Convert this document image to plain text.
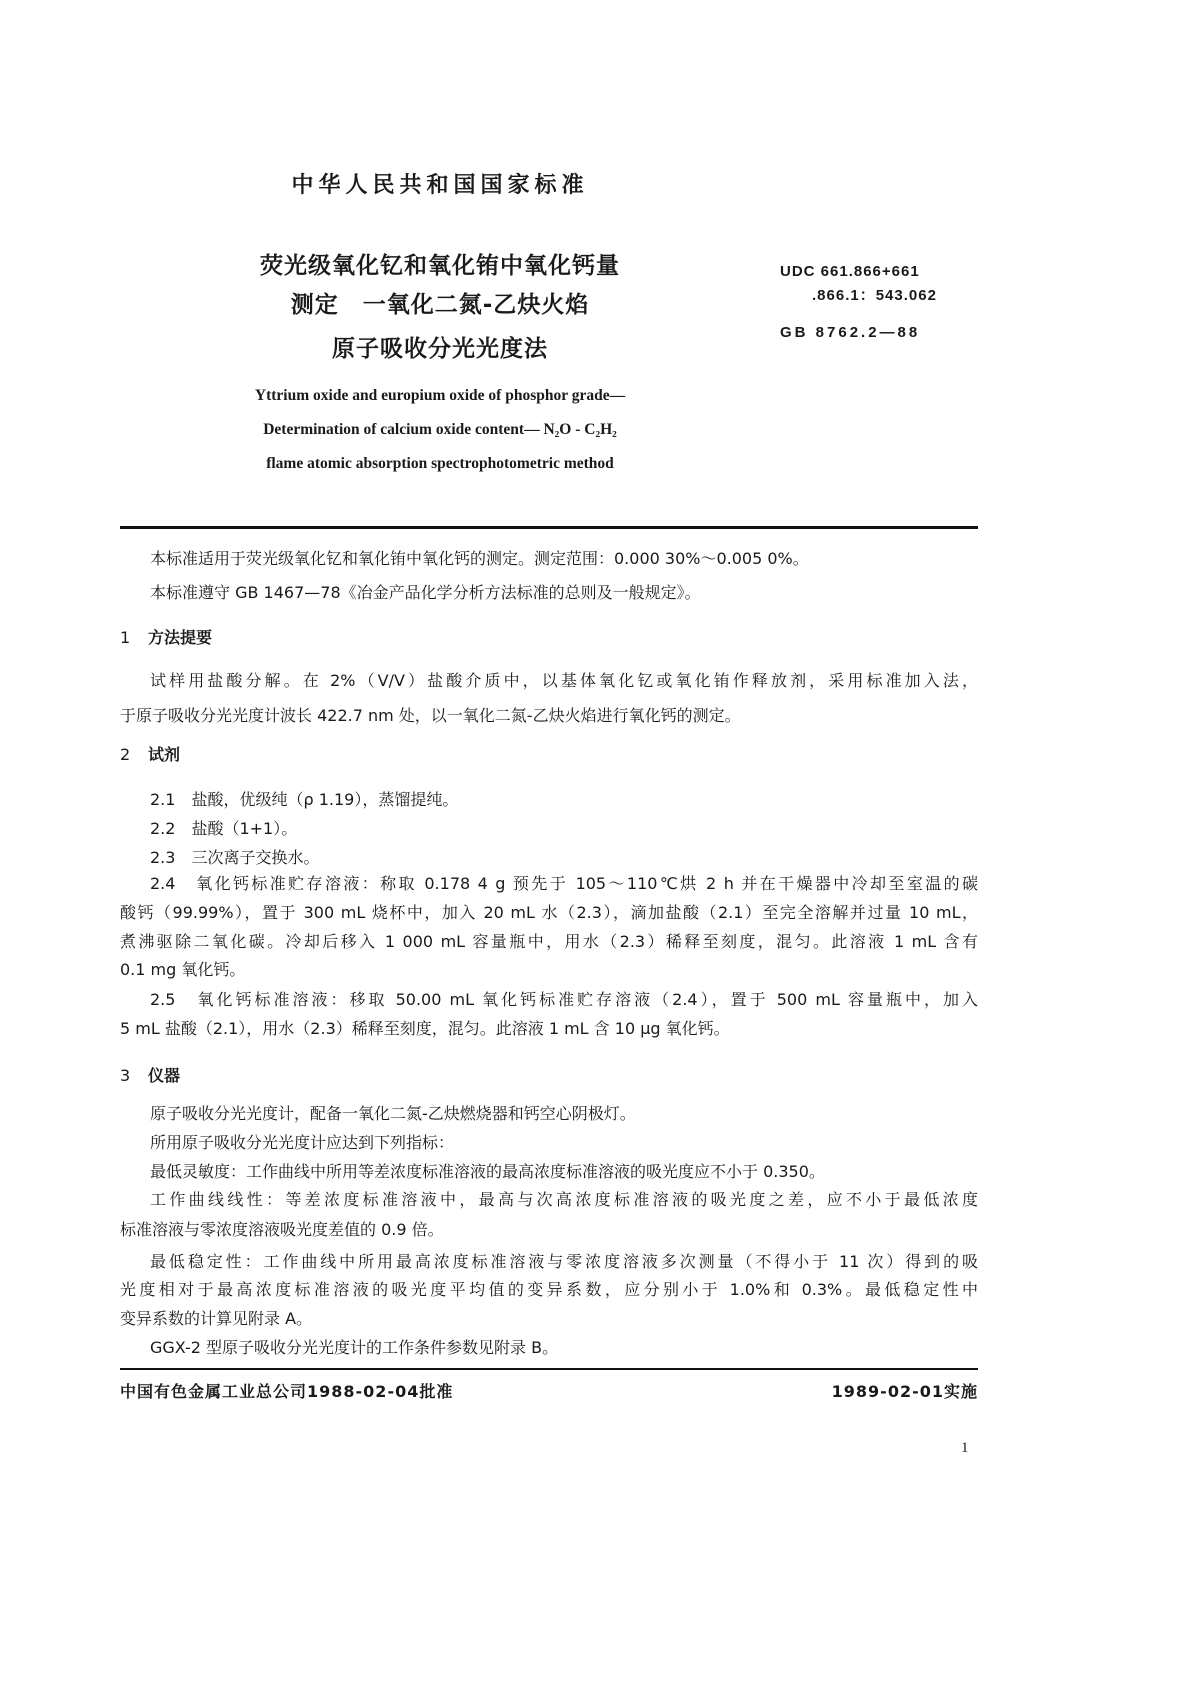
中华人民共和国国家标准
荧光级氧化钇和氧化铕中氧化钙量
测定　一氧化二氮-乙炔火焰
原子吸收分光光度法
UDC 661.866+661
.866.1：543.062
GB 8762.2—88
Yttrium oxide and europium oxide of phosphor grade—
Determination of calcium oxide content— N₂O - C₂H₂
flame atomic absorption spectrophotometric method
本标准适用于荧光级氧化钇和氧化铕中氧化钙的测定。测定范围：0.000 30%～0.005 0%。
本标准遵守 GB 1467—78《冶金产品化学分析方法标准的总则及一般规定》。
1 方法提要
试样用盐酸分解。在 2%（V/V）盐酸介质中，以基体氧化钇或氧化铕作释放剂，采用标准加入法，
于原子吸收分光光度计波长 422.7 nm 处，以一氧化二氮-乙炔火焰进行氧化钙的测定。
2 试剂
2.1　盐酸，优级纯（ρ 1.19），蒸馏提纯。
2.2　盐酸（1+1）。
2.3　三次离子交换水。
2.4　氧化钙标准贮存溶液：称取 0.178 4 g 预先于 105～110℃烘 2 h 并在干燥器中冷却至室温的碳
酸钙（99.99%），置于 300 mL 烧杯中，加入 20 mL 水（2.3），滴加盐酸（2.1）至完全溶解并过量 10 mL，
煮沸驱除二氧化碳。冷却后移入 1 000 mL 容量瓶中，用水（2.3）稀释至刻度，混匀。此溶液 1 mL 含有
0.1 mg 氧化钙。
2.5　氧化钙标准溶液：移取 50.00 mL 氧化钙标准贮存溶液（2.4），置于 500 mL 容量瓶中，加入
5 mL 盐酸（2.1），用水（2.3）稀释至刻度，混匀。此溶液 1 mL 含 10 μg 氧化钙。
3 仪器
原子吸收分光光度计，配备一氧化二氮-乙炔燃烧器和钙空心阴极灯。
所用原子吸收分光光度计应达到下列指标：
最低灵敏度：工作曲线中所用等差浓度标准溶液的最高浓度标准溶液的吸光度应不小于 0.350。
工作曲线线性：等差浓度标准溶液中，最高与次高浓度标准溶液的吸光度之差，应不小于最低浓度
标准溶液与零浓度溶液吸光度差值的 0.9 倍。
最低稳定性：工作曲线中所用最高浓度标准溶液与零浓度溶液多次测量（不得小于 11 次）得到的吸
光度相对于最高浓度标准溶液的吸光度平均值的变异系数，应分别小于 1.0%和 0.3%。最低稳定性中
变异系数的计算见附录 A。
GGX-2 型原子吸收分光光度计的工作条件参数见附录 B。
中国有色金属工业总公司1988-02-04批准	1989-02-01实施
1
